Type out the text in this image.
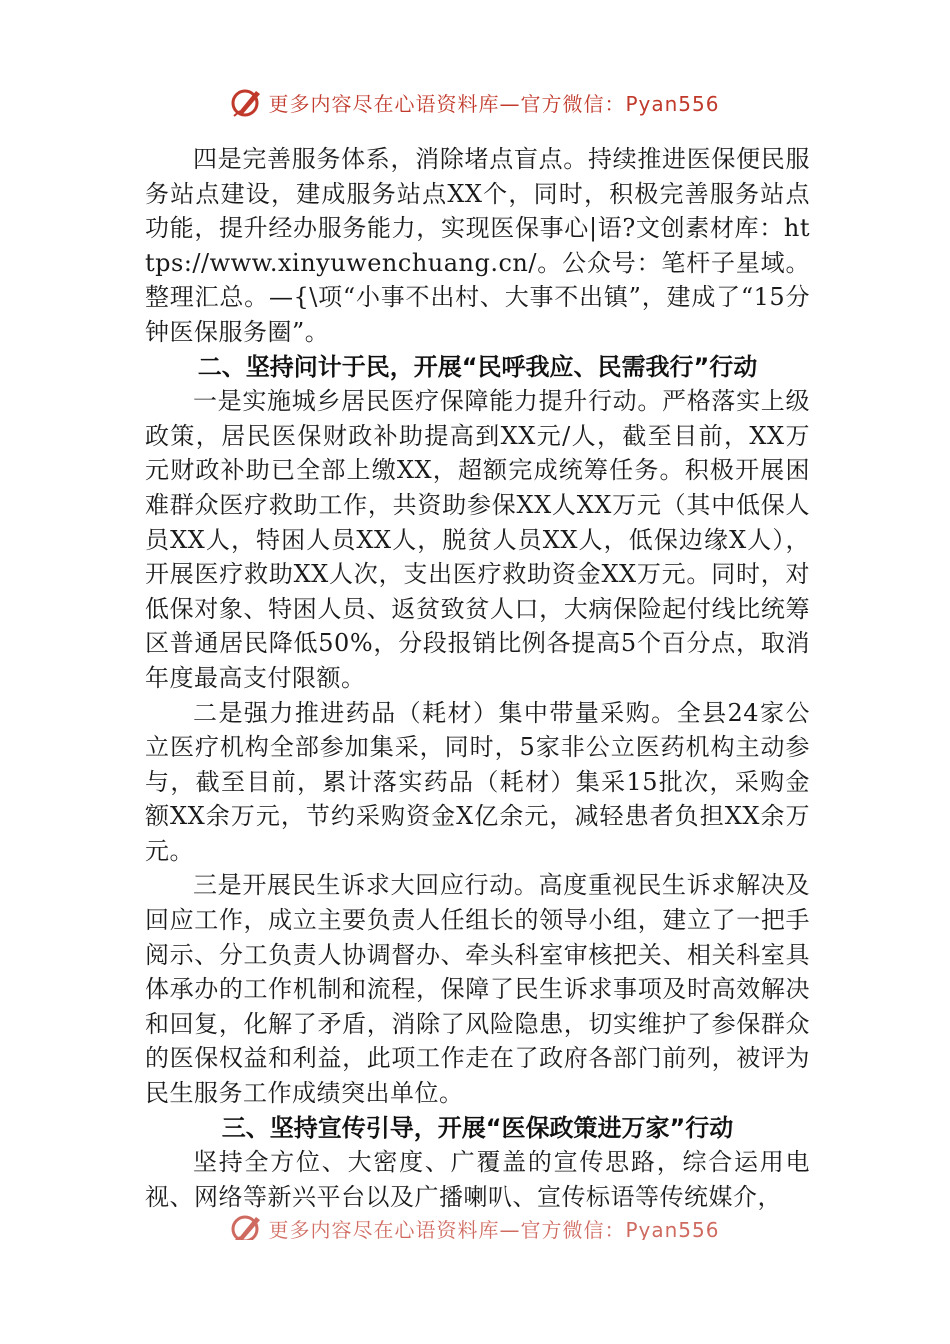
更多内容尽在心语资料库—官方微信：Pyan556

四是完善服务体系，消除堵点盲点。持续推进医保便民服务站点建设，建成服务站点XX个，同时，积极完善服务站点功能，提升经办服务能力，实现医保事心|语?文创素材库：https://www.xinyuwenchuang.cn/。公众号：笔杆子星域。整理汇总。—{\项“小事不出村、大事不出镇”，建成了“15分钟医保服务圈”。

二、坚持问计于民，开展“民呼我应、民需我行”行动

一是实施城乡居民医疗保障能力提升行动。严格落实上级政策，居民医保财政补助提高到XX元/人，截至目前，XX万元财政补助已全部上缴XX，超额完成统筹任务。积极开展困难群众医疗救助工作，共资助参保XX人XX万元（其中低保人员XX人，特困人员XX人，脱贫人员XX人，低保边缘X人），开展医疗救助XX人次，支出医疗救助资金XX万元。同时，对低保对象、特困人员、返贫致贫人口，大病保险起付线比统筹区普通居民降低50%，分段报销比例各提高5个百分点，取消年度最高支付限额。

二是强力推进药品（耗材）集中带量采购。全县24家公立医疗机构全部参加集采，同时，5家非公立医药机构主动参与，截至目前，累计落实药品（耗材）集采15批次，采购金额XX余万元，节约采购资金X亿余元，减轻患者负担XX余万元。

三是开展民生诉求大回应行动。高度重视民生诉求解决及回应工作，成立主要负责人任组长的领导小组，建立了一把手阅示、分工负责人协调督办、牵头科室审核把关、相关科室具体承办的工作机制和流程，保障了民生诉求事项及时高效解决和回复，化解了矛盾，消除了风险隐患，切实维护了参保群众的医保权益和利益，此项工作走在了政府各部门前列，被评为民生服务工作成绩突出单位。

三、坚持宣传引导，开展“医保政策进万家”行动

坚持全方位、大密度、广覆盖的宣传思路，综合运用电视、网络等新兴平台以及广播喇叭、宣传标语等传统媒介，

更多内容尽在心语资料库—官方微信：Pyan556
